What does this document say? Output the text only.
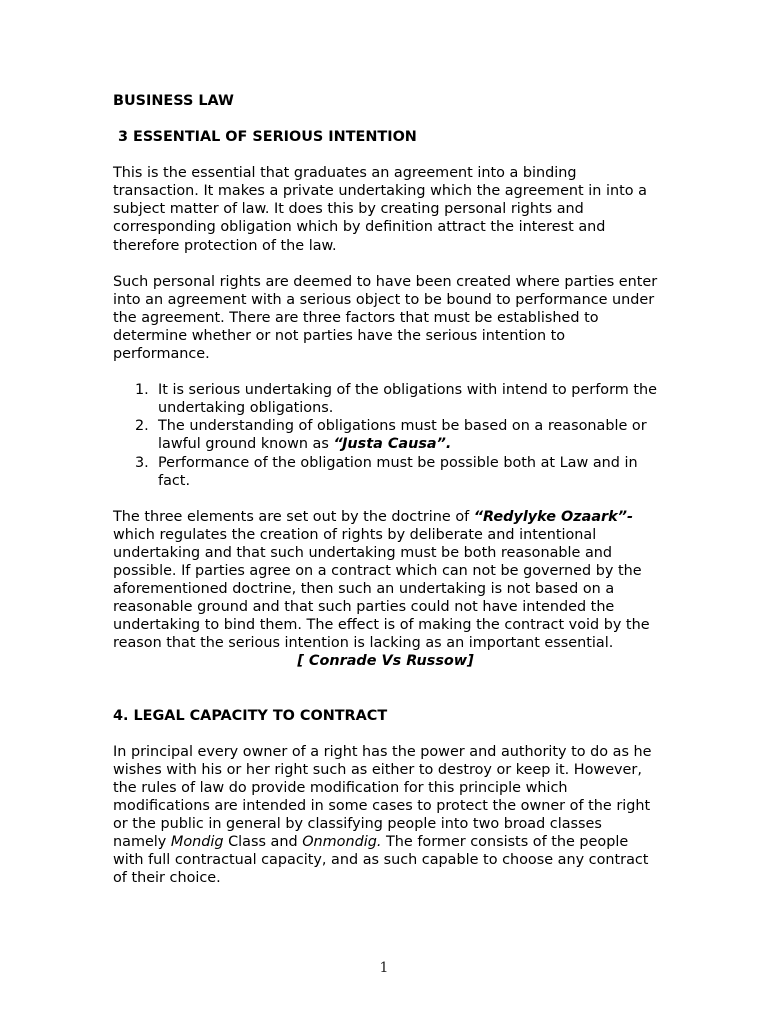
BUSINESS LAW

3 ESSENTIAL OF SERIOUS INTENTION

This is the essential that graduates an agreement into a binding transaction. It makes a private undertaking which the agreement in into a subject matter of law. It does this by creating personal rights and corresponding obligation which by definition attract the interest and therefore protection of the law.

Such personal rights are deemed to have been created where parties enter into an agreement with a serious object to be bound to performance under the agreement. There are three factors that must be established to determine whether or not parties have the serious intention to performance.

1. It is serious undertaking of the obligations with intend to perform the undertaking obligations.
2. The understanding of obligations must be based on a reasonable or lawful ground known as “Justa Causa”.
3. Performance of the obligation must be possible both at Law and in fact.

The three elements are set out by the doctrine of “Redylyke Ozaark”- which regulates the creation of rights by deliberate and intentional undertaking and that such undertaking must be both reasonable and possible. If parties agree on a contract which can not be governed by the aforementioned doctrine, then such an undertaking is not based on a reasonable ground and that such parties could not have intended the undertaking to bind them. The effect is of making the contract void by the reason that the serious intention is lacking as an important essential.

[ Conrade Vs Russow]

4. LEGAL CAPACITY TO CONTRACT

In principal every owner of a right has the power and authority to do as he wishes with his or her right such as either to destroy or keep it. However, the rules of law do provide modification for this principle which modifications are intended in some cases to protect the owner of the right or the public in general by classifying people into two broad classes namely Mondig Class and Onmondig. The former consists of the people with full contractual capacity, and as such capable to choose any contract of their choice.

1
